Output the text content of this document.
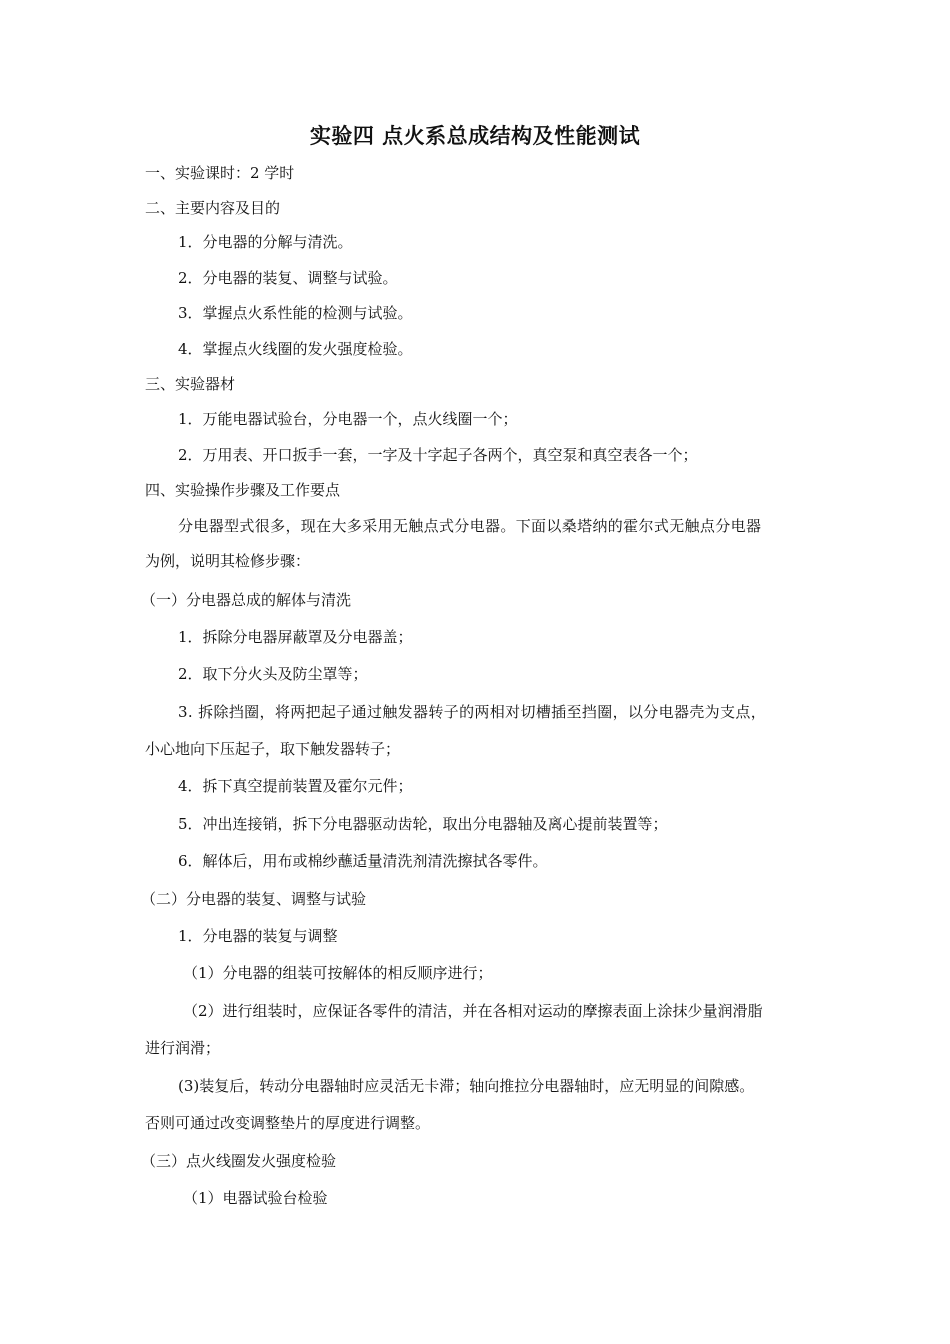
实验四 点火系总成结构及性能测试
一、实验课时：2 学时
二、主要内容及目的
1．分电器的分解与清洗。
2．分电器的装复、调整与试验。
3．掌握点火系性能的检测与试验。
4．掌握点火线圈的发火强度检验。
三、实验器材
1．万能电器试验台，分电器一个，点火线圈一个；
2．万用表、开口扳手一套，一字及十字起子各两个，真空泵和真空表各一个；
四、实验操作步骤及工作要点
分电器型式很多，现在大多采用无触点式分电器。下面以桑塔纳的霍尔式无触点分电器
为例，说明其检修步骤：
（一）分电器总成的解体与清洗
1．拆除分电器屏蔽罩及分电器盖；
2．取下分火头及防尘罩等；
3. 拆除挡圈，将两把起子通过触发器转子的两相对切槽插至挡圈，以分电器壳为支点，
小心地向下压起子，取下触发器转子；
4．拆下真空提前装置及霍尔元件；
5．冲出连接销，拆下分电器驱动齿轮，取出分电器轴及离心提前装置等；
6．解体后，用布或棉纱蘸适量清洗剂清洗擦拭各零件。
（二）分电器的装复、调整与试验
1．分电器的装复与调整
（1）分电器的组装可按解体的相反顺序进行；
（2）进行组装时，应保证各零件的清洁，并在各相对运动的摩擦表面上涂抹少量润滑脂
进行润滑；
(3)装复后，转动分电器轴时应灵活无卡滞；轴向推拉分电器轴时，应无明显的间隙感。
否则可通过改变调整垫片的厚度进行调整。
（三）点火线圈发火强度检验
（1）电器试验台检验
